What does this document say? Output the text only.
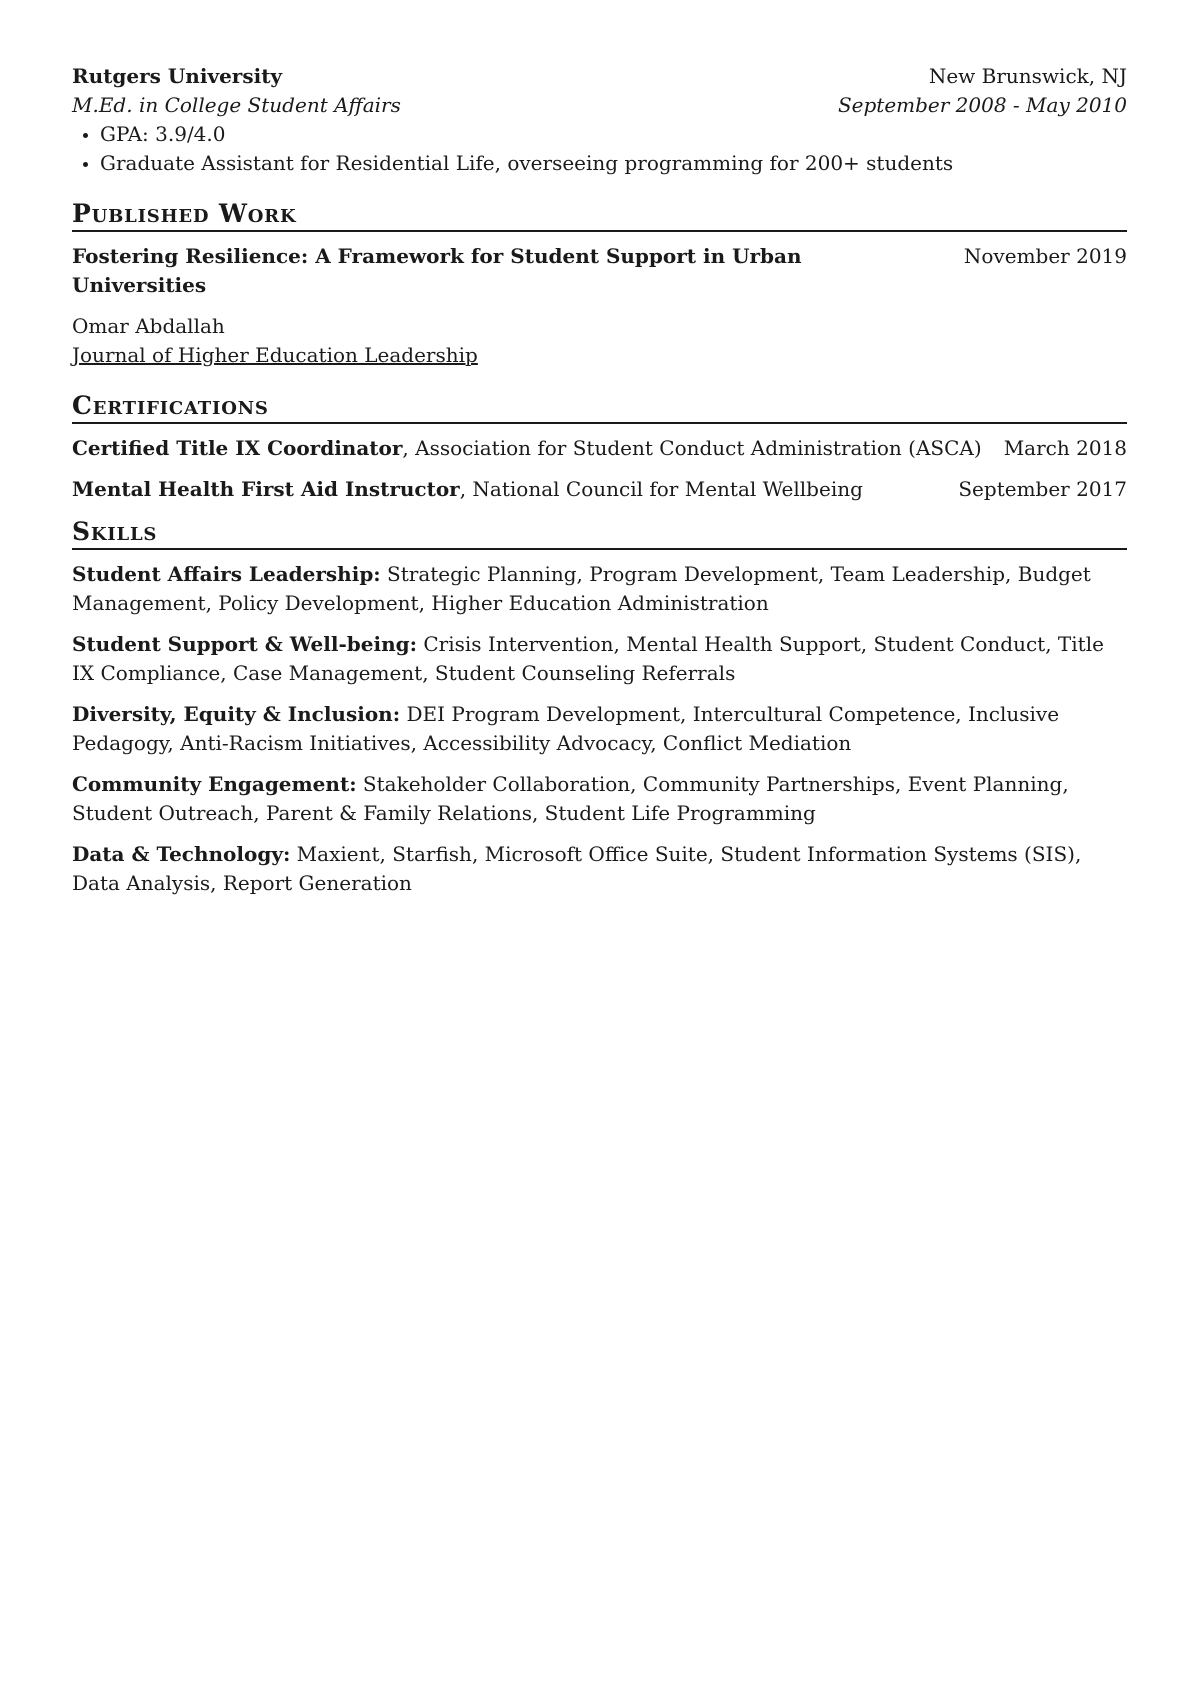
Rutgers University	New Brunswick, NJ
M.Ed. in College Student Affairs	September 2008 - May 2010
GPA: 3.9/4.0
Graduate Assistant for Residential Life, overseeing programming for 200+ students
Published Work
Fostering Resilience: A Framework for Student Support in Urban Universities
November 2019
Omar Abdallah
Journal of Higher Education Leadership
Certifications
Certified Title IX Coordinator, Association for Student Conduct Administration (ASCA) March 2018
Mental Health First Aid Instructor, National Council for Mental Wellbeing	September 2017
Skills
Student Affairs Leadership: Strategic Planning, Program Development, Team Leadership, Budget Management, Policy Development, Higher Education Administration
Student Support & Well-being: Crisis Intervention, Mental Health Support, Student Conduct, Title IX Compliance, Case Management, Student Counseling Referrals
Diversity, Equity & Inclusion: DEI Program Development, Intercultural Competence, Inclusive Pedagogy, Anti-Racism Initiatives, Accessibility Advocacy, Conflict Mediation
Community Engagement: Stakeholder Collaboration, Community Partnerships, Event Planning, Student Outreach, Parent & Family Relations, Student Life Programming
Data & Technology: Maxient, Starfish, Microsoft Office Suite, Student Information Systems (SIS), Data Analysis, Report Generation
